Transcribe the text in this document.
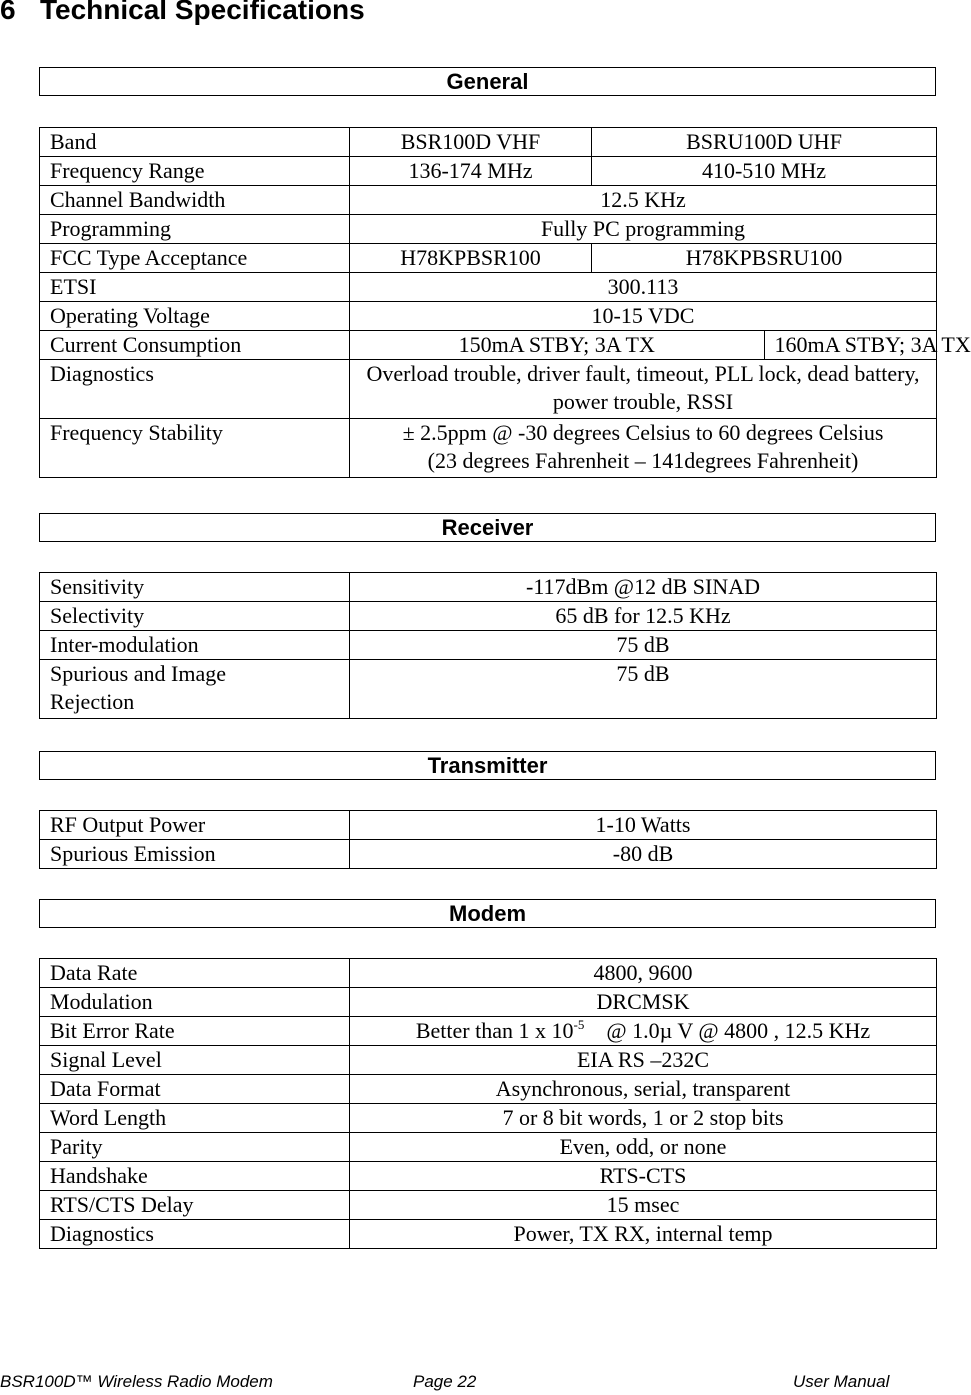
6 Technical Specifications
General
Band	BSR100D VHF	BSRU100D UHF	
Frequency Range	136-174 MHz	410-510 MHz	
Channel Bandwidth	12.5 KHz		
Programming	Fully PC programming		
FCC Type Acceptance	H78KPBSR100	H78KPBSRU100	
ETSI	300.113		
Operating Voltage	10-15 VDC		
Current Consumption	150mA STBY; 3A TX		160mA STBY; 3A TX
Diagnostics	Overload trouble, driver fault, timeout, PLL lock, dead battery, power trouble, RSSI		
Frequency Stability	± 2.5ppm @ -30 degrees Celsius to 60 degrees Celsius
(23 degrees Fahrenheit – 141degrees Fahrenheit)		
Receiver
Sensitivity	-117dBm @12 dB SINAD
Selectivity	65 dB for 12.5 KHz
Inter-modulation	75 dB
Spurious and Image
Rejection	75 dB
Transmitter
RF Output Power	1-10 Watts
Spurious Emission	-80 dB
Modem
Data Rate	4800, 9600
Modulation	DRCMSK
Bit Error Rate	Better than 1 x $10^{-5}$ @ 1.0µ V @ 4800 , 12.5 KHz
Signal Level	EIA RS –232C
Data Format	Asynchronous, serial, transparent
Word Length	7 or 8 bit words, 1 or 2 stop bits
Parity	Even, odd, or none
Handshake	RTS-CTS
RTS/CTS Delay	15 msec
Diagnostics	Power, TX RX, internal temp
BSR100D™ Wireless Radio Modem	Page 22	User Manual
